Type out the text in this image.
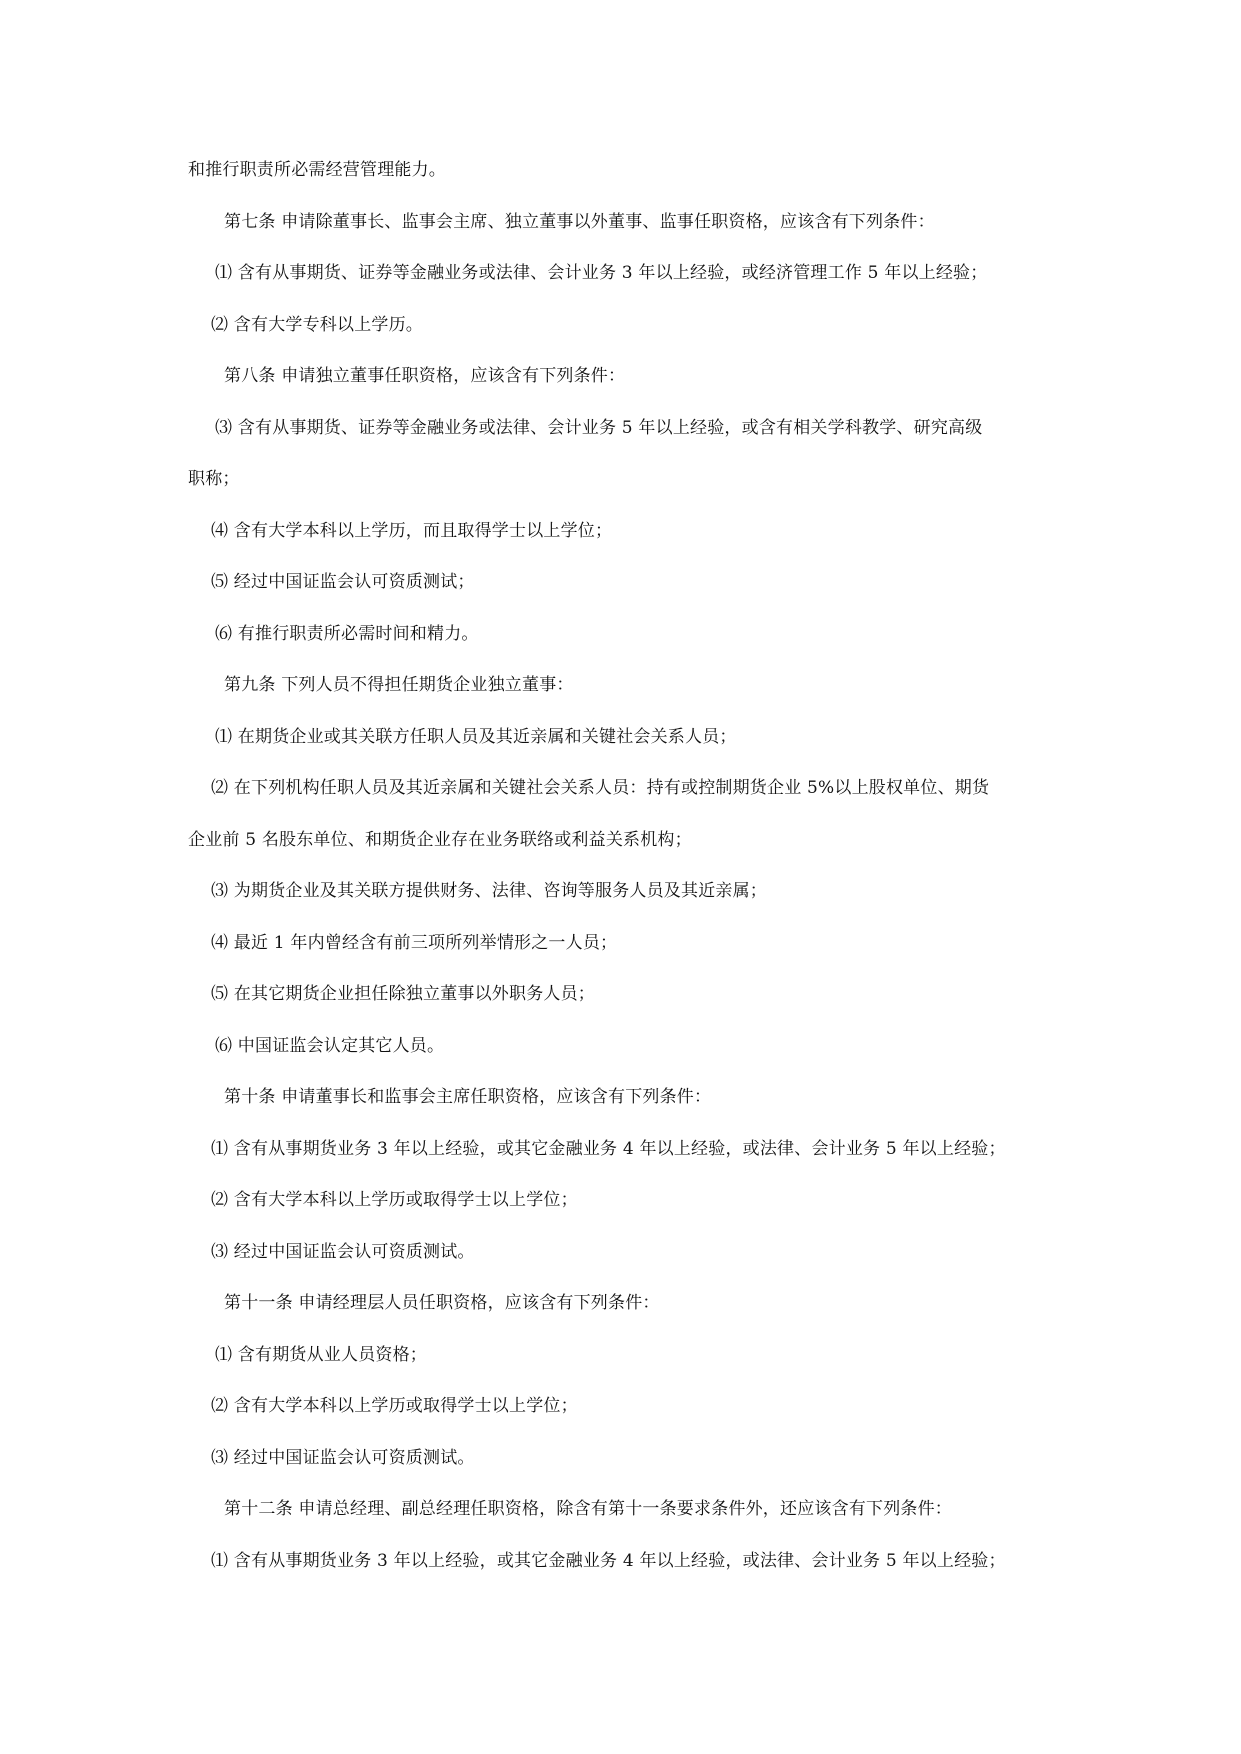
和推行职责所必需经营管理能力。
第七条 申请除董事长、监事会主席、独立董事以外董事、监事任职资格，应该含有下列条件：
⑴ 含有从事期货、证券等金融业务或法律、会计业务 3 年以上经验，或经济管理工作 5 年以上经验；
⑵ 含有大学专科以上学历。
第八条 申请独立董事任职资格，应该含有下列条件：
⑶ 含有从事期货、证券等金融业务或法律、会计业务 5 年以上经验，或含有相关学科教学、研究高级
职称；
⑷ 含有大学本科以上学历，而且取得学士以上学位；
⑸ 经过中国证监会认可资质测试；
⑹ 有推行职责所必需时间和精力。
第九条 下列人员不得担任期货企业独立董事：
⑴ 在期货企业或其关联方任职人员及其近亲属和关键社会关系人员；
⑵ 在下列机构任职人员及其近亲属和关键社会关系人员：持有或控制期货企业 5%以上股权单位、期货
企业前 5 名股东单位、和期货企业存在业务联络或利益关系机构；
⑶ 为期货企业及其关联方提供财务、法律、咨询等服务人员及其近亲属；
⑷ 最近 1 年内曾经含有前三项所列举情形之一人员；
⑸ 在其它期货企业担任除独立董事以外职务人员；
⑹ 中国证监会认定其它人员。
第十条 申请董事长和监事会主席任职资格，应该含有下列条件：
⑴ 含有从事期货业务 3 年以上经验，或其它金融业务 4 年以上经验，或法律、会计业务 5 年以上经验；
⑵ 含有大学本科以上学历或取得学士以上学位；
⑶ 经过中国证监会认可资质测试。
第十一条 申请经理层人员任职资格，应该含有下列条件：
⑴ 含有期货从业人员资格；
⑵ 含有大学本科以上学历或取得学士以上学位；
⑶ 经过中国证监会认可资质测试。
第十二条 申请总经理、副总经理任职资格，除含有第十一条要求条件外，还应该含有下列条件：
⑴ 含有从事期货业务 3 年以上经验，或其它金融业务 4 年以上经验，或法律、会计业务 5 年以上经验；
